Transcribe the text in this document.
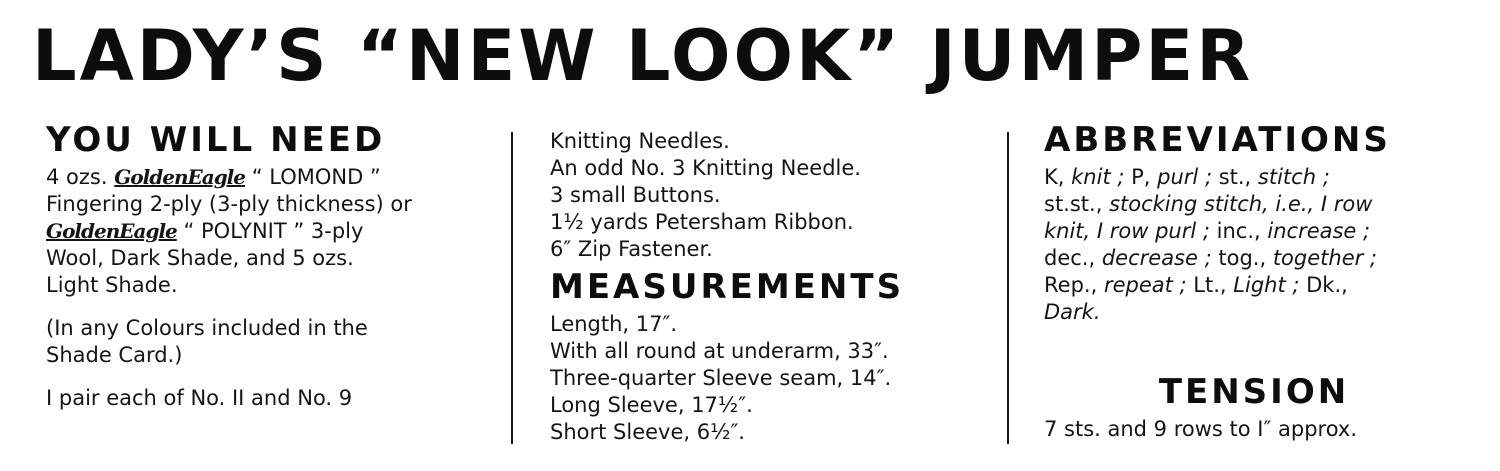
LADY’S “NEW LOOK” JUMPER
YOU WILL NEED

4 ozs. GoldenEagle “ LOMOND ”

Fingering 2-ply (3-ply thickness) or

GoldenEagle “ POLYNIT ” 3-ply

Wool, Dark Shade, and 5 ozs.

Light Shade.

(In any Colours included in the

Shade Card.)

I pair each of No. II and No. 9

Knitting Needles.

An odd No. 3 Knitting Needle.

3 small Buttons.

1½ yards Petersham Ribbon.

6″ Zip Fastener.

MEASUREMENTS

Length, 17″.

With all round at underarm, 33″.

Three-quarter Sleeve seam, 14″.

Long Sleeve, 17½″.

Short Sleeve, 6½″.

ABBREVIATIONS

K, knit ; P, purl ; st., stitch ;

st.st., stocking stitch, i.e., I row

knit, I row purl ; inc., increase ;

dec., decrease ; tog., together ;

Rep., repeat ; Lt., Light ; Dk.,

Dark.

TENSION

7 sts. and 9 rows to I″ approx.
